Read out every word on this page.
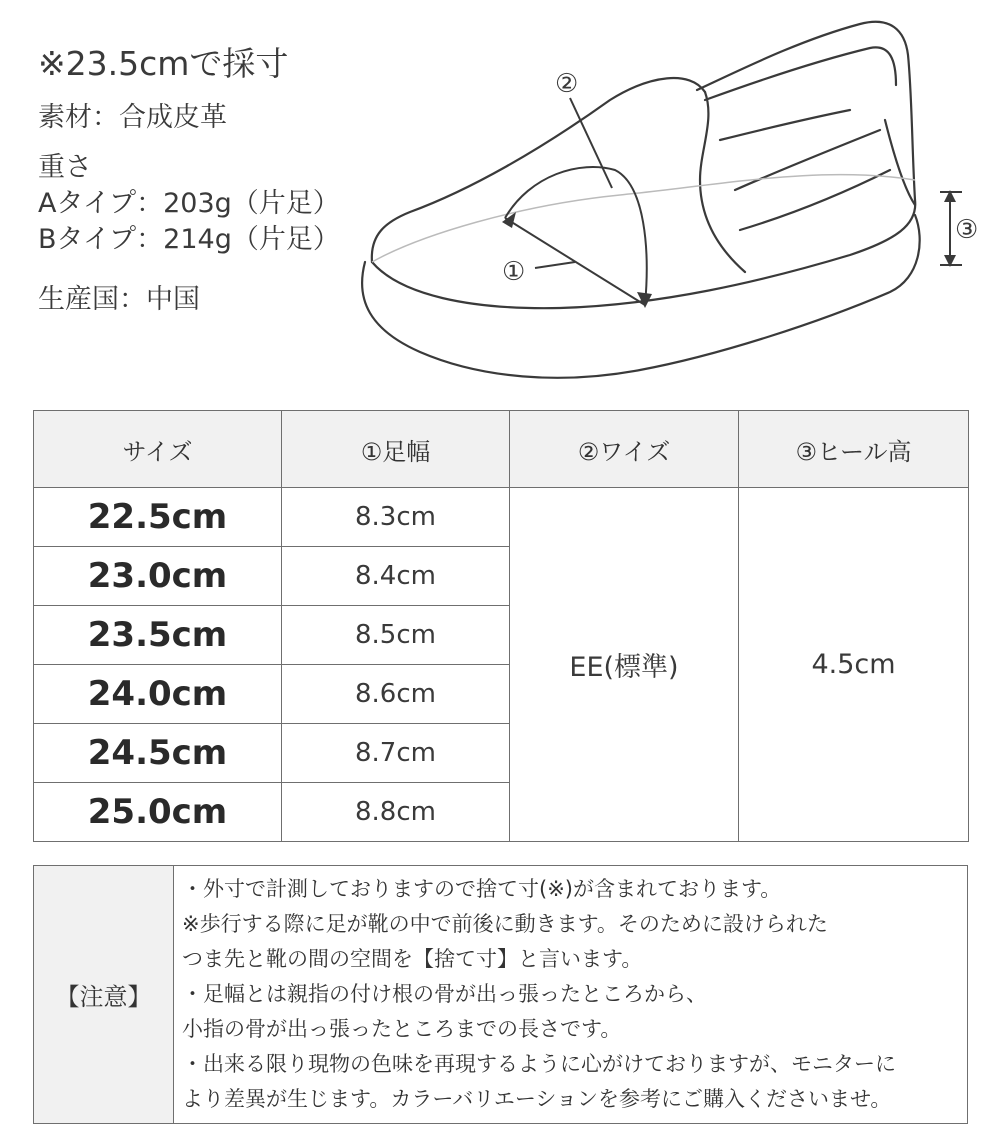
※23.5cmで採寸
素材：合成皮革
重さ
Aタイプ：203g（片足）
Bタイプ：214g（片足）
生産国：中国
②
①
③
サイズ	①足幅	②ワイズ	③ヒール高
22.5cm	8.3cm	EE(標準)	4.5cm
23.0cm	8.4cm		
23.5cm	8.5cm		
24.0cm	8.6cm		
24.5cm	8.7cm		
25.0cm	8.8cm		
【注意】	
・外寸で計測しておりますので捨て寸(※)が含まれております。
※歩行する際に足が靴の中で前後に動きます。そのために設けられた
つま先と靴の間の空間を【捨て寸】と言います。
・足幅とは親指の付け根の骨が出っ張ったところから、
小指の骨が出っ張ったところまでの長さです。
・出来る限り現物の色味を再現するように心がけておりますが、モニターに
より差異が生じます。カラーバリエーションを参考にご購入くださいませ。
